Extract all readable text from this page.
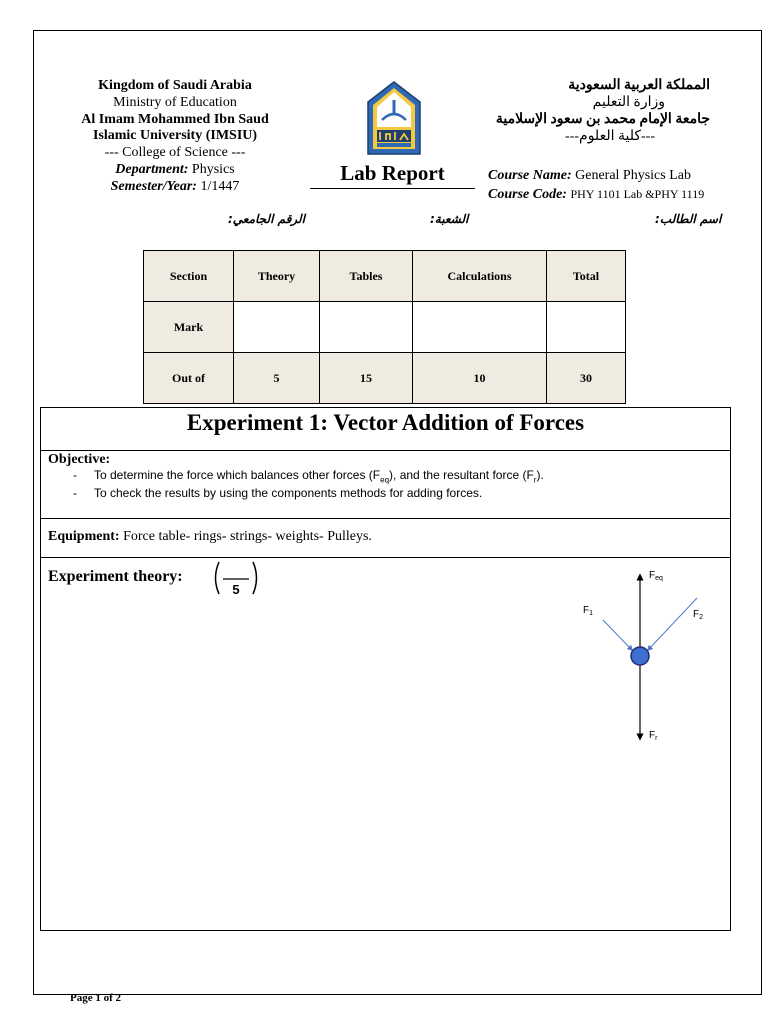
Kingdom of Saudi Arabia
Ministry of Education
Al Imam Mohammed Ibn Saud
Islamic University (IMSIU)
--- College of Science ---
Department: Physics
Semester/Year: 1/1447
Lab Report
المملكة العربية السعودية
وزارة التعليم
جامعة الإمام محمد بن سعود الإسلامية
---كلية العلوم---
Course Name: General Physics Lab
Course Code: PHY 1101 Lab &PHY 1119
الرقم الجامعي:	الشعبة:	اسم الطالب:
Section	Theory	Tables	Calculations	Total
Mark				
Out of	5	15	10	30
Experiment 1: Vector Addition of Forces
Objective:
- To determine the force which balances other forces $(F_{eq})$, and the resultant force $(F_r)$.
- To check the results by using the components methods for adding forces.
Equipment: Force table- rings- strings- weights- Pulleys.
Experiment theory:
5
$F_{eq}$
$F_1$	$F_2$
$F_r$
Page 1 of 2
